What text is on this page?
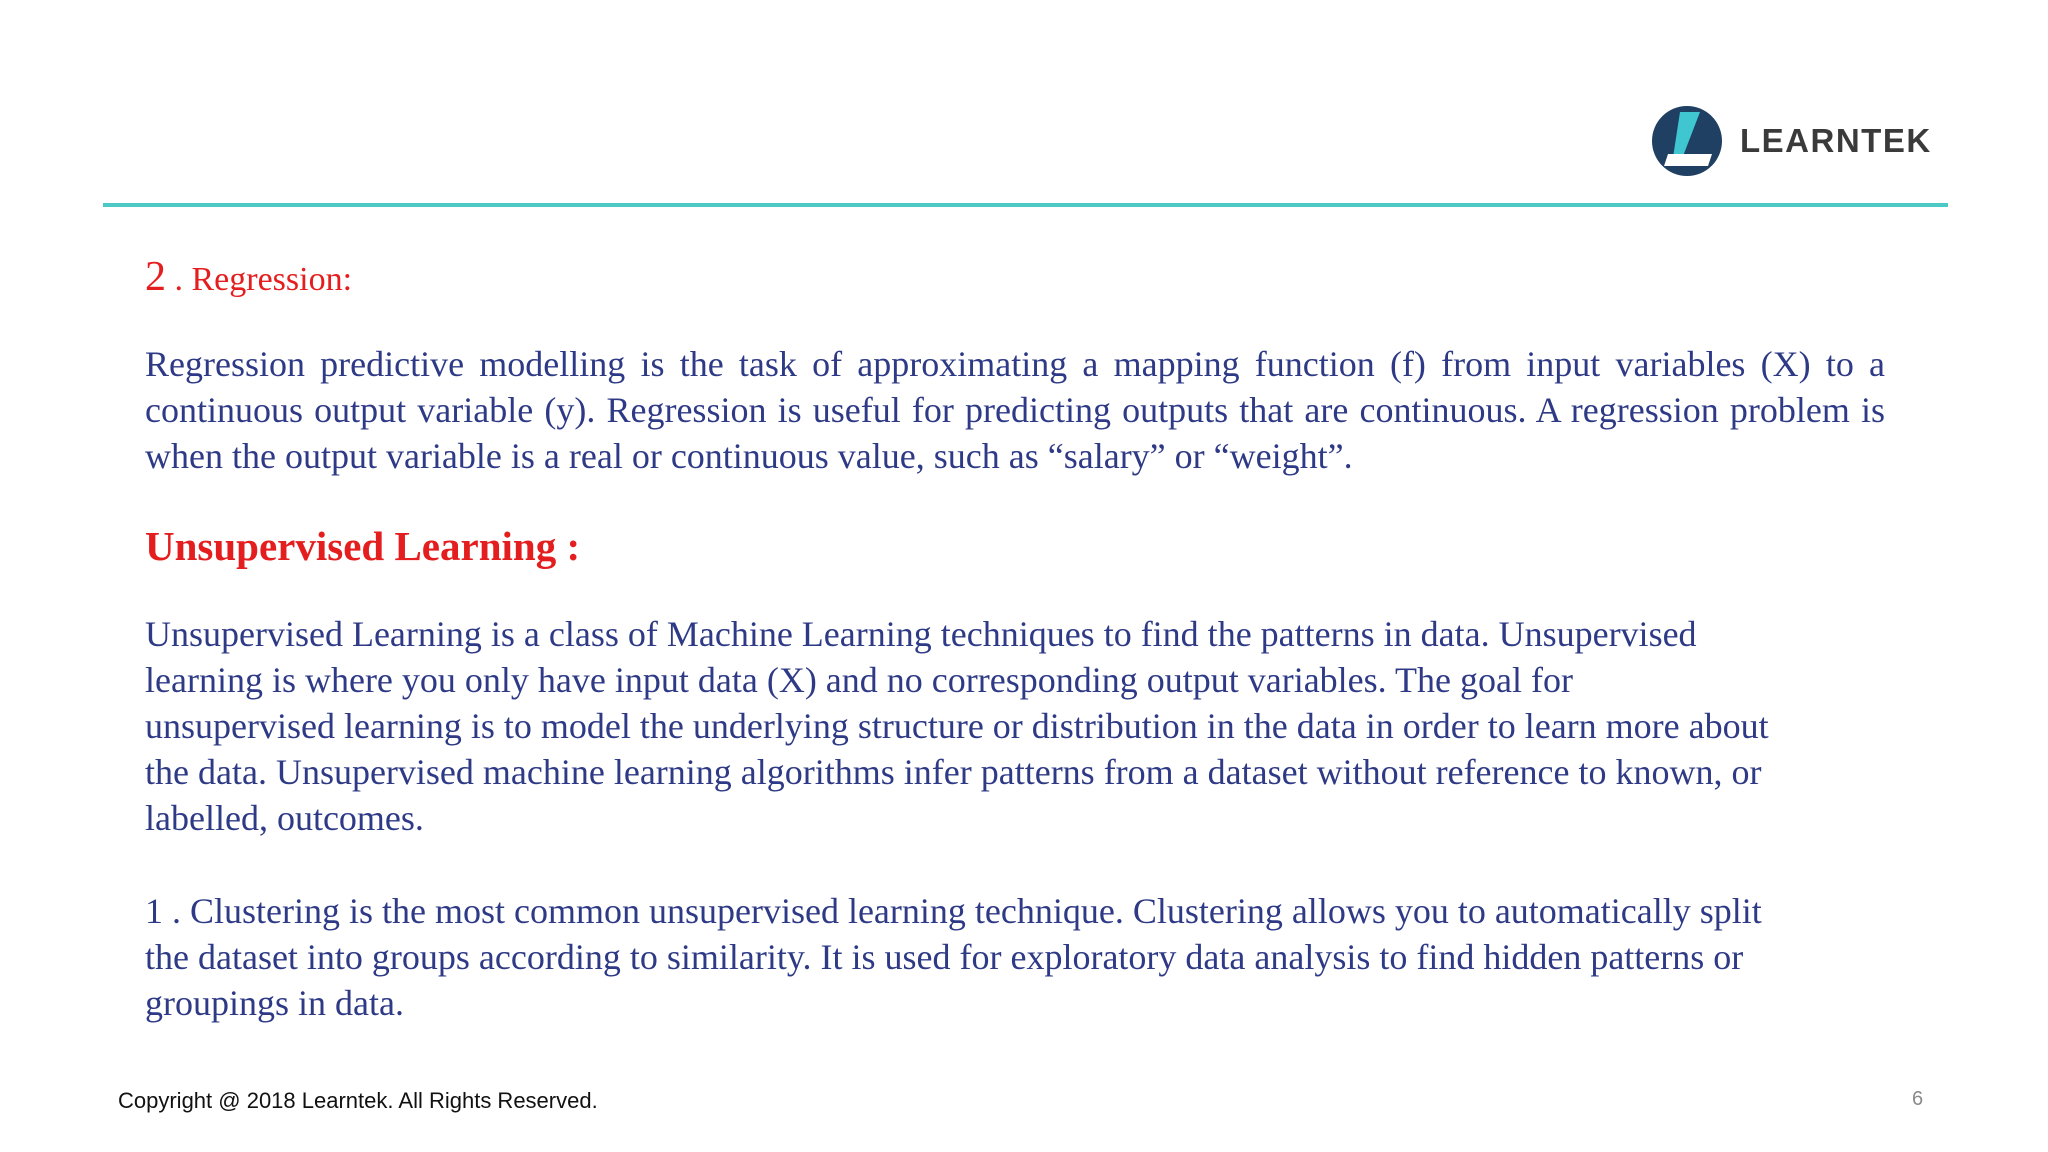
LEARNTEK

2 . Regression:

Regression predictive modelling is the task of approximating a mapping function (f) from input variables (X) to a continuous output variable (y). Regression is useful for predicting outputs that are continuous. A regression problem is when the output variable is a real or continuous value, such as “salary” or “weight”.

Unsupervised Learning :

Unsupervised Learning is a class of Machine Learning techniques to find the patterns in data. Unsupervised

learning is where you only have input data (X) and no corresponding output variables. The goal for

unsupervised learning is to model the underlying structure or distribution in the data in order to learn more about

the data. Unsupervised machine learning algorithms infer patterns from a dataset without reference to known, or

labelled, outcomes.

1 . Clustering is the most common unsupervised learning technique. Clustering allows you to automatically split

the dataset into groups according to similarity. It is used for exploratory data analysis to find hidden patterns or

groupings in data.

Copyright @ 2018 Learntek. All Rights Reserved.	6
